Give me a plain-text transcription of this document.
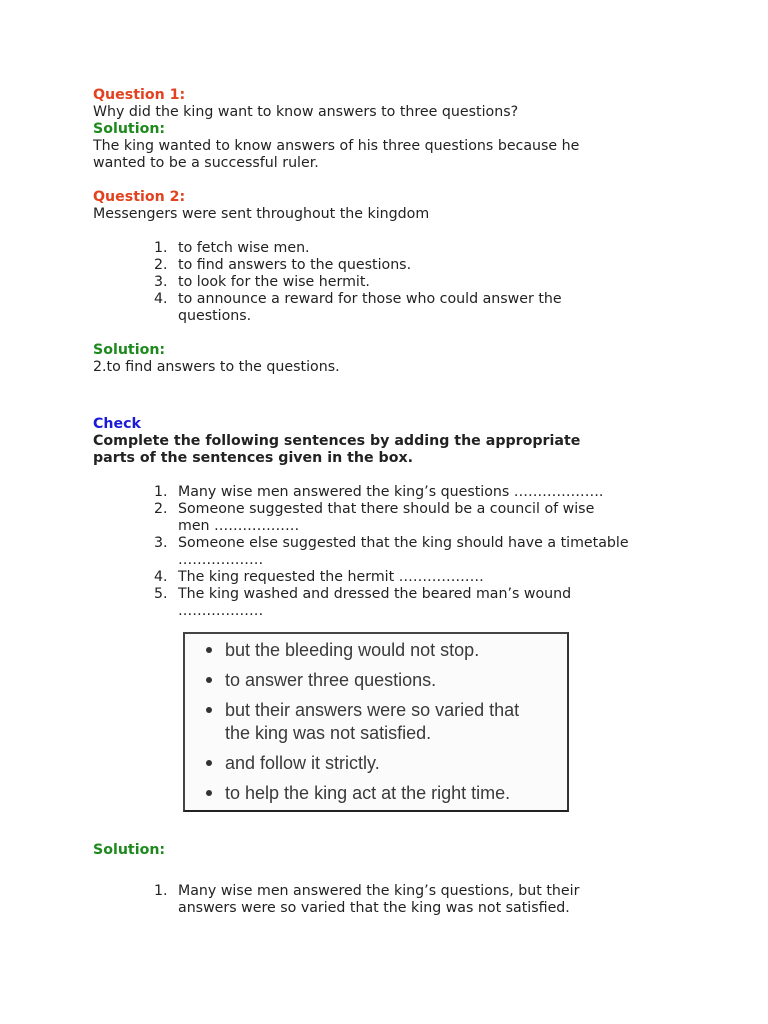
Question 1:

Why did the king want to know answers to three questions?

Solution:

The king wanted to know answers of his three questions because he

wanted to be a successful ruler.

Question 2:

Messengers were sent throughout the kingdom

1. to fetch wise men.
2. to find answers to the questions.
3. to look for the wise hermit.
4. to announce a reward for those who could answer the
questions.

Solution:

2.to find answers to the questions.

Check

Complete the following sentences by adding the appropriate

parts of the sentences given in the box.

1. Many wise men answered the king’s questions ……………….
2. Someone suggested that there should be a council of wise
men ………………
3. Someone else suggested that the king should have a timetable
………………
4. The king requested the hermit ………………
5. The king washed and dressed the beared man’s wound
………………
but the bleeding would not stop.
to answer three questions.
but their answers were so varied that
the king was not satisfied.
and follow it strictly.
to help the king act at the right time.

Solution:

1. Many wise men answered the king’s questions, but their
answers were so varied that the king was not satisfied.
